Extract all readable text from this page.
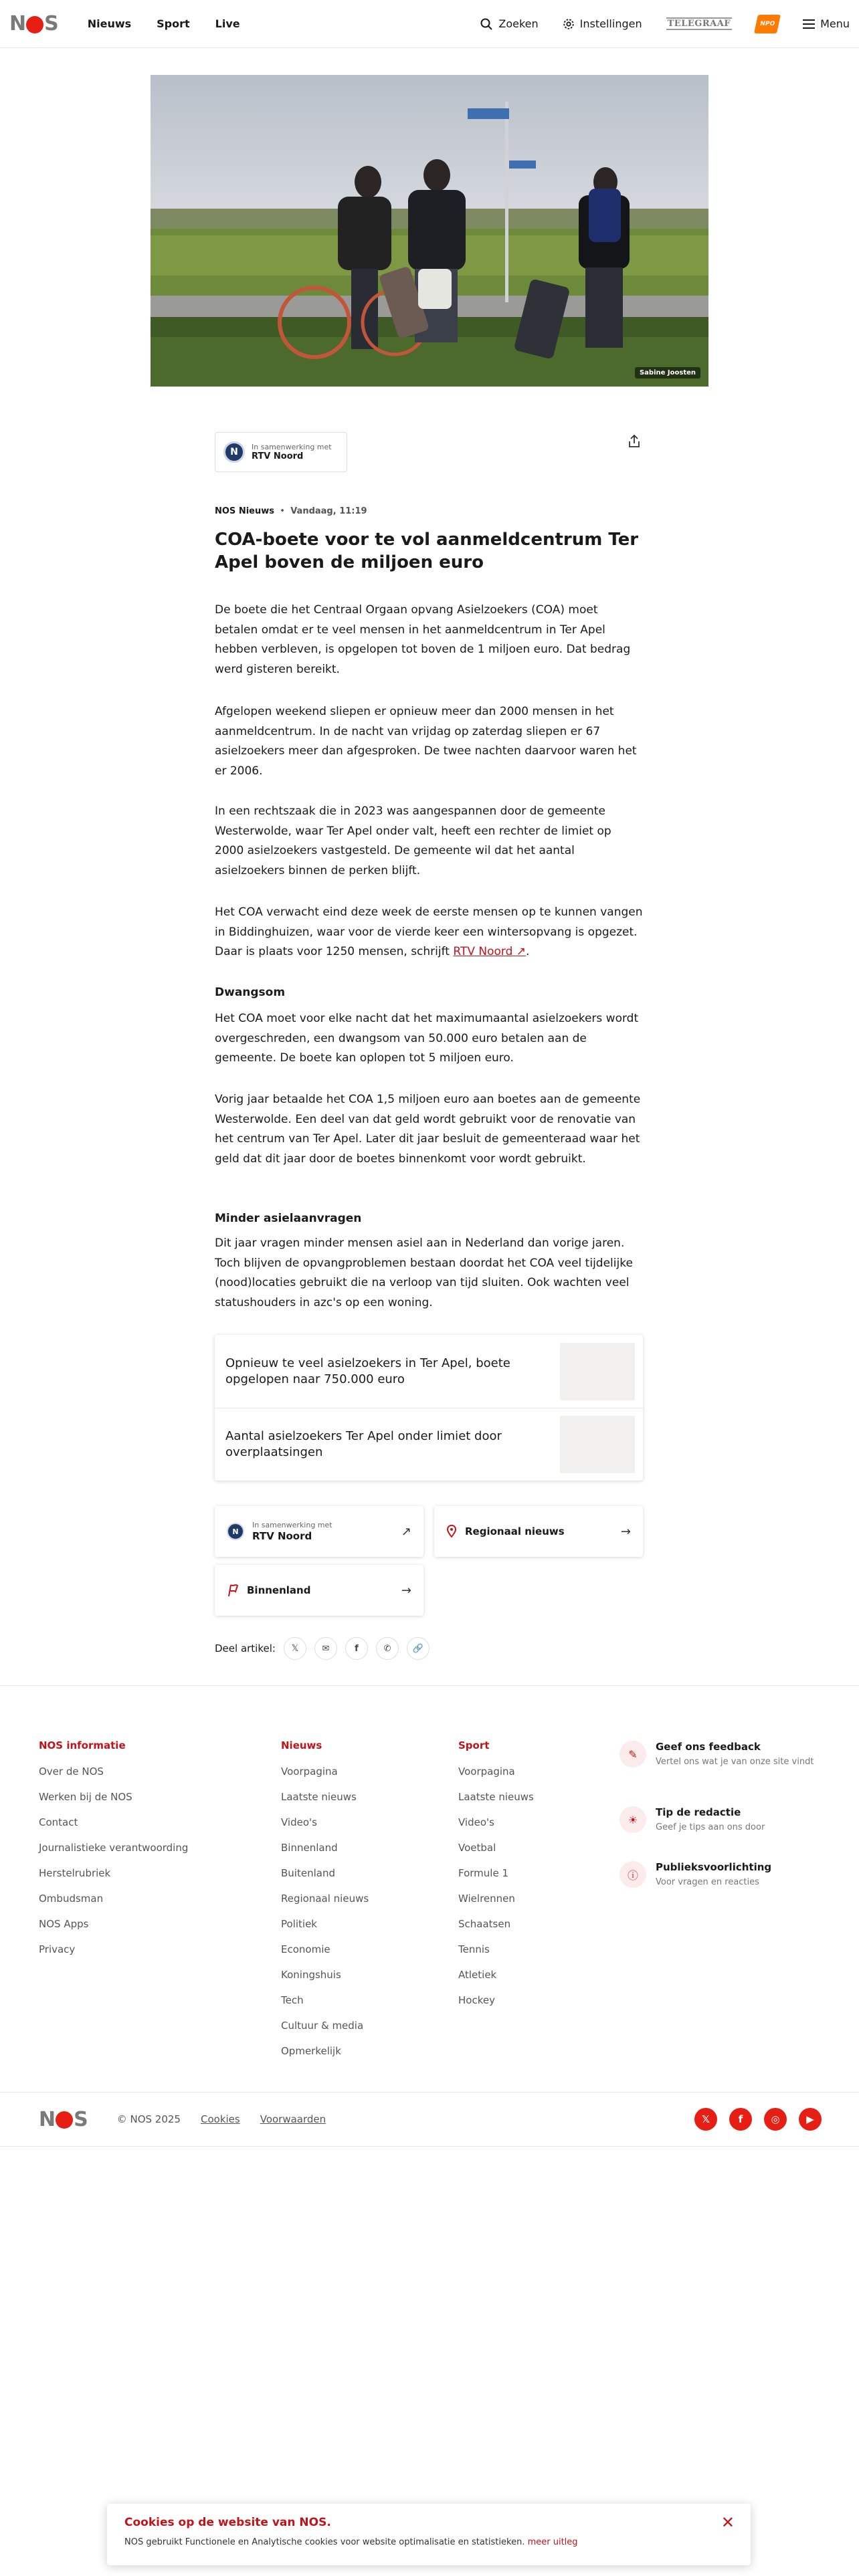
N S	Nieuws Sport Live	Zoeken	Instellingen	TELEGRAAF	NPO	Menu
Sabine Joosten
N	In samenwerking met
RTV Noord
NOS Nieuws  •  Vandaag, 11:19
COA-boete voor te vol aanmeldcentrum Ter Apel boven de miljoen euro

De boete die het Centraal Orgaan opvang Asielzoekers (COA) moet betalen omdat er te veel mensen in het aanmeldcentrum in Ter Apel hebben verbleven, is opgelopen tot boven de 1 miljoen euro. Dat bedrag werd gisteren bereikt.

Afgelopen weekend sliepen er opnieuw meer dan 2000 mensen in het aanmeldcentrum. In de nacht van vrijdag op zaterdag sliepen er 67 asielzoekers meer dan afgesproken. De twee nachten daarvoor waren het er 2006.

In een rechtszaak die in 2023 was aangespannen door de gemeente Westerwolde, waar Ter Apel onder valt, heeft een rechter de limiet op 2000 asielzoekers vastgesteld. De gemeente wil dat het aantal asielzoekers binnen de perken blijft.

Het COA verwacht eind deze week de eerste mensen op te kunnen vangen in Biddinghuizen, waar voor de vierde keer een wintersopvang is opgezet. Daar is plaats voor 1250 mensen, schrijft RTV Noord ↗.

Dwangsom

Het COA moet voor elke nacht dat het maximumaantal asielzoekers wordt overgeschreden, een dwangsom van 50.000 euro betalen aan de gemeente. De boete kan oplopen tot 5 miljoen euro.

Vorig jaar betaalde het COA 1,5 miljoen euro aan boetes aan de gemeente Westerwolde. Een deel van dat geld wordt gebruikt voor de renovatie van het centrum van Ter Apel. Later dit jaar besluit de gemeenteraad waar het geld dat dit jaar door de boetes binnenkomt voor wordt gebruikt.

Minder asielaanvragen

Dit jaar vragen minder mensen asiel aan in Nederland dan vorige jaren. Toch blijven de opvangproblemen bestaan doordat het COA veel tijdelijke (nood)locaties gebruikt die na verloop van tijd sluiten. Ook wachten veel statushouders in azc's op een woning.

Opnieuw te veel asielzoekers in Ter Apel, boete opgelopen naar 750.000 euro
Aantal asielzoekers Ter Apel onder limiet door overplaatsingen
N
In samenwerking met
RTV Noord	↗	Regionaal nieuws	→
Binnenland	→
Deel artikel: 𝕏	✉	f	✆ 🔗
NOS informatie
Over de NOS
Werken bij de NOS
Contact
Journalistieke verantwoording
Herstelrubriek
Ombudsman
NOS Apps
Privacy
Nieuws
Voorpagina
Laatste nieuws
Video's
Binnenland
Buitenland
Regionaal nieuws
Politiek
Economie
Koningshuis
Tech
Cultuur & media
Opmerkelijk
Sport
Voorpagina
Laatste nieuws
Video's
Voetbal
Formule 1
Wielrennen
Schaatsen
Tennis
Atletiek
Hockey
✎
Geef ons feedback
Vertel ons wat je van onze site vindt
☀
Tip de redactie
Geef je tips aan ons door
ⓘ
Publieksvoorlichting
Voor vragen en reacties
N S	© NOS 2025 Cookies Voorwaarden	𝕏	f	◎	▶
Cookies op de website van NOS.

NOS gebruikt Functionele en Analytische cookies voor website optimalisatie en statistieken. meer uitleg

✕
